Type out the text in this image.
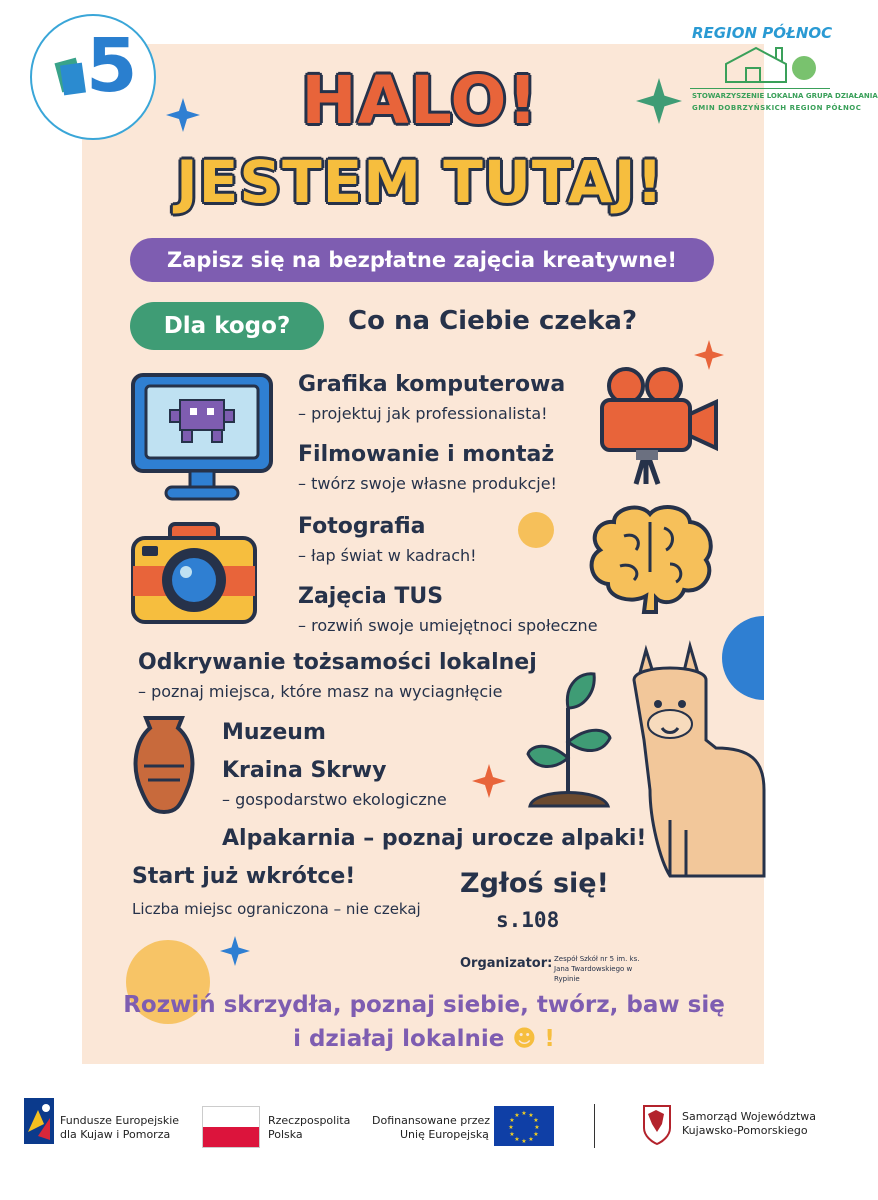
5	REGION PÓŁNOC
STOWARZYSZENIE LOKALNA GRUPA DZIAŁANIA
GMIN DOBRZYŃSKICH REGION PÓŁNOC
HALO!
JESTEM TUTAJ!
Zapisz się na bezpłatne zajęcia kreatywne!
Dla kogo?	Co na Ciebie czeka?
Grafika komputerowa
– projektuj jak professionalista!
Filmowanie i montaż
– twórz swoje własne produkcje!
Fotografia
– łap świat w kadrach!
Zajęcia TUS
– rozwiń swoje umiejętnoci społeczne
Odkrywanie tożsamości lokalnej
– poznaj miejsca, które masz na wyciagnłęcie
Muzeum
Kraina Skrwy
– gospodarstwo ekologiczne
Alpakarnia – poznaj urocze alpaki!
Start już wkrótce!
Liczba miejsc ograniczona – nie czekaj
Zgłoś się!
s.108
Organizator: Zespół Szkół nr 5 im. ks. Jana Twardowskiego w Rypinie
Rozwiń skrzydła, poznaj siebie, twórz, baw się i działaj lokalnie ☻ !
Fundusze Europejskie
dla Kujaw i Pomorza
Rzeczpospolita
Polska
Dofinansowane przez
Unię Europejską
★ ★
★
★
★
★
★
★
★
★
★
★	Samorząd Województwa
Kujawsko-Pomorskiego
